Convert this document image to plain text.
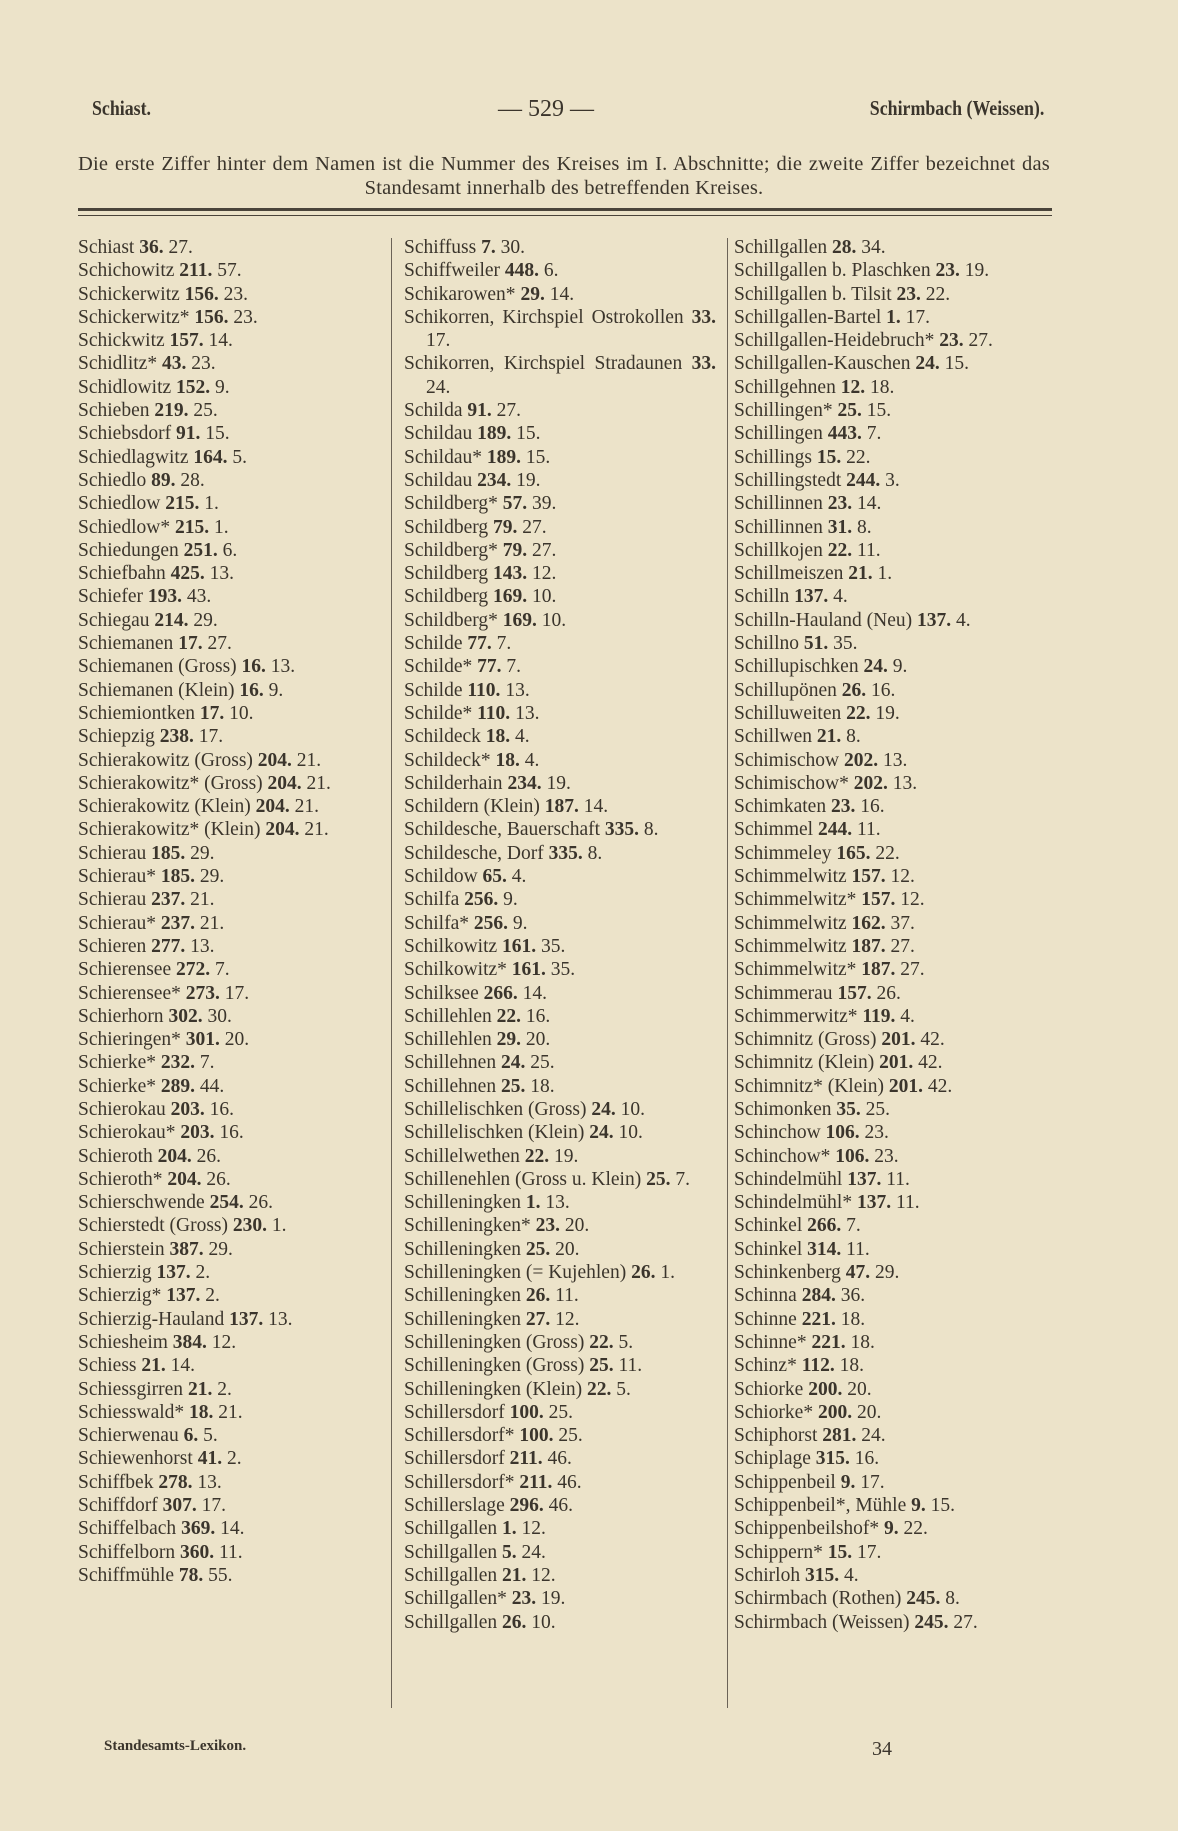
Schiast.	— 529 —	Schirmbach (Weissen).
Die erste Ziffer hinter dem Namen ist die Nummer des Kreises im I. Abschnitte; die zweite Ziffer bezeichnet das Standesamt innerhalb des betreffenden Kreises.
Schiast 36. 27.
Schichowitz 211. 57.
Schickerwitz 156. 23.
Schickerwitz* 156. 23.
Schickwitz 157. 14.
Schidlitz* 43. 23.
Schidlowitz 152. 9.
Schieben 219. 25.
Schiebsdorf 91. 15.
Schiedlagwitz 164. 5.
Schiedlo 89. 28.
Schiedlow 215. 1.
Schiedlow* 215. 1.
Schiedungen 251. 6.
Schiefbahn 425. 13.
Schiefer 193. 43.
Schiegau 214. 29.
Schiemanen 17. 27.
Schiemanen (Gross) 16. 13.
Schiemanen (Klein) 16. 9.
Schiemiontken 17. 10.
Schiepzig 238. 17.
Schierakowitz (Gross) 204. 21.
Schierakowitz* (Gross) 204. 21.
Schierakowitz (Klein) 204. 21.
Schierakowitz* (Klein) 204. 21.
Schierau 185. 29.
Schierau* 185. 29.
Schierau 237. 21.
Schierau* 237. 21.
Schieren 277. 13.
Schierensee 272. 7.
Schierensee* 273. 17.
Schierhorn 302. 30.
Schieringen* 301. 20.
Schierke* 232. 7.
Schierke* 289. 44.
Schierokau 203. 16.
Schierokau* 203. 16.
Schieroth 204. 26.
Schieroth* 204. 26.
Schierschwende 254. 26.
Schierstedt (Gross) 230. 1.
Schierstein 387. 29.
Schierzig 137. 2.
Schierzig* 137. 2.
Schierzig-Hauland 137. 13.
Schiesheim 384. 12.
Schiess 21. 14.
Schiessgirren 21. 2.
Schiesswald* 18. 21.
Schierwenau 6. 5.
Schiewenhorst 41. 2.
Schiffbek 278. 13.
Schiffdorf 307. 17.
Schiffelbach 369. 14.
Schiffelborn 360. 11.
Schiffmühle 78. 55.
Schiffuss 7. 30.
Schiffweiler 448. 6.
Schikarowen* 29. 14.
Schikorren, Kirchspiel Ostrokollen 33. 17.
Schikorren, Kirchspiel Stradaunen 33. 24.
Schilda 91. 27.
Schildau 189. 15.
Schildau* 189. 15.
Schildau 234. 19.
Schildberg* 57. 39.
Schildberg 79. 27.
Schildberg* 79. 27.
Schildberg 143. 12.
Schildberg 169. 10.
Schildberg* 169. 10.
Schilde 77. 7.
Schilde* 77. 7.
Schilde 110. 13.
Schilde* 110. 13.
Schildeck 18. 4.
Schildeck* 18. 4.
Schilderhain 234. 19.
Schildern (Klein) 187. 14.
Schildesche, Bauerschaft 335. 8.
Schildesche, Dorf 335. 8.
Schildow 65. 4.
Schilfa 256. 9.
Schilfa* 256. 9.
Schilkowitz 161. 35.
Schilkowitz* 161. 35.
Schilksee 266. 14.
Schillehlen 22. 16.
Schillehlen 29. 20.
Schillehnen 24. 25.
Schillehnen 25. 18.
Schillelischken (Gross) 24. 10.
Schillelischken (Klein) 24. 10.
Schillelwethen 22. 19.
Schillenehlen (Gross u. Klein) 25. 7.
Schilleningken 1. 13.
Schilleningken* 23. 20.
Schilleningken 25. 20.
Schilleningken (= Kujehlen) 26. 1.
Schilleningken 26. 11.
Schilleningken 27. 12.
Schilleningken (Gross) 22. 5.
Schilleningken (Gross) 25. 11.
Schilleningken (Klein) 22. 5.
Schillersdorf 100. 25.
Schillersdorf* 100. 25.
Schillersdorf 211. 46.
Schillersdorf* 211. 46.
Schillerslage 296. 46.
Schillgallen 1. 12.
Schillgallen 5. 24.
Schillgallen 21. 12.
Schillgallen* 23. 19.
Schillgallen 26. 10.
Schillgallen 28. 34.
Schillgallen b. Plaschken 23. 19.
Schillgallen b. Tilsit 23. 22.
Schillgallen-Bartel 1. 17.
Schillgallen-Heidebruch* 23. 27.
Schillgallen-Kauschen 24. 15.
Schillgehnen 12. 18.
Schillingen* 25. 15.
Schillingen 443. 7.
Schillings 15. 22.
Schillingstedt 244. 3.
Schillinnen 23. 14.
Schillinnen 31. 8.
Schillkojen 22. 11.
Schillmeiszen 21. 1.
Schilln 137. 4.
Schilln-Hauland (Neu) 137. 4.
Schillno 51. 35.
Schillupischken 24. 9.
Schillupönen 26. 16.
Schilluweiten 22. 19.
Schillwen 21. 8.
Schimischow 202. 13.
Schimischow* 202. 13.
Schimkaten 23. 16.
Schimmel 244. 11.
Schimmeley 165. 22.
Schimmelwitz 157. 12.
Schimmelwitz* 157. 12.
Schimmelwitz 162. 37.
Schimmelwitz 187. 27.
Schimmelwitz* 187. 27.
Schimmerau 157. 26.
Schimmerwitz* 119. 4.
Schimnitz (Gross) 201. 42.
Schimnitz (Klein) 201. 42.
Schimnitz* (Klein) 201. 42.
Schimonken 35. 25.
Schinchow 106. 23.
Schinchow* 106. 23.
Schindelmühl 137. 11.
Schindelmühl* 137. 11.
Schinkel 266. 7.
Schinkel 314. 11.
Schinkenberg 47. 29.
Schinna 284. 36.
Schinne 221. 18.
Schinne* 221. 18.
Schinz* 112. 18.
Schiorke 200. 20.
Schiorke* 200. 20.
Schiphorst 281. 24.
Schiplage 315. 16.
Schippenbeil 9. 17.
Schippenbeil*, Mühle 9. 15.
Schippenbeilshof* 9. 22.
Schippern* 15. 17.
Schirloh 315. 4.
Schirmbach (Rothen) 245. 8.
Schirmbach (Weissen) 245. 27.
Standesamts-Lexikon.	34
